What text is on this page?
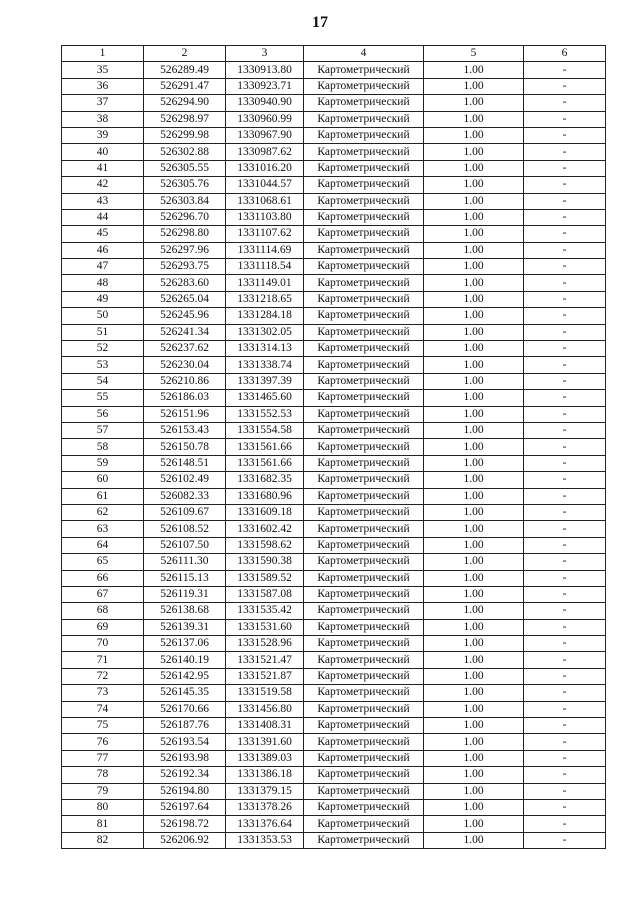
17
1	2	3	4	5	6
35	526289.49	1330913.80	Картометрический	1.00	-
36	526291.47	1330923.71	Картометрический	1.00	-
37	526294.90	1330940.90	Картометрический	1.00	-
38	526298.97	1330960.99	Картометрический	1.00	-
39	526299.98	1330967.90	Картометрический	1.00	-
40	526302.88	1330987.62	Картометрический	1.00	-
41	526305.55	1331016.20	Картометрический	1.00	-
42	526305.76	1331044.57	Картометрический	1.00	-
43	526303.84	1331068.61	Картометрический	1.00	-
44	526296.70	1331103.80	Картометрический	1.00	-
45	526298.80	1331107.62	Картометрический	1.00	-
46	526297.96	1331114.69	Картометрический	1.00	-
47	526293.75	1331118.54	Картометрический	1.00	-
48	526283.60	1331149.01	Картометрический	1.00	-
49	526265.04	1331218.65	Картометрический	1.00	-
50	526245.96	1331284.18	Картометрический	1.00	-
51	526241.34	1331302.05	Картометрический	1.00	-
52	526237.62	1331314.13	Картометрический	1.00	-
53	526230.04	1331338.74	Картометрический	1.00	-
54	526210.86	1331397.39	Картометрический	1.00	-
55	526186.03	1331465.60	Картометрический	1.00	-
56	526151.96	1331552.53	Картометрический	1.00	-
57	526153.43	1331554.58	Картометрический	1.00	-
58	526150.78	1331561.66	Картометрический	1.00	-
59	526148.51	1331561.66	Картометрический	1.00	-
60	526102.49	1331682.35	Картометрический	1.00	-
61	526082.33	1331680.96	Картометрический	1.00	-
62	526109.67	1331609.18	Картометрический	1.00	-
63	526108.52	1331602.42	Картометрический	1.00	-
64	526107.50	1331598.62	Картометрический	1.00	-
65	526111.30	1331590.38	Картометрический	1.00	-
66	526115.13	1331589.52	Картометрический	1.00	-
67	526119.31	1331587.08	Картометрический	1.00	-
68	526138.68	1331535.42	Картометрический	1.00	-
69	526139.31	1331531.60	Картометрический	1.00	-
70	526137.06	1331528.96	Картометрический	1.00	-
71	526140.19	1331521.47	Картометрический	1.00	-
72	526142.95	1331521.87	Картометрический	1.00	-
73	526145.35	1331519.58	Картометрический	1.00	-
74	526170.66	1331456.80	Картометрический	1.00	-
75	526187.76	1331408.31	Картометрический	1.00	-
76	526193.54	1331391.60	Картометрический	1.00	-
77	526193.98	1331389.03	Картометрический	1.00	-
78	526192.34	1331386.18	Картометрический	1.00	-
79	526194.80	1331379.15	Картометрический	1.00	-
80	526197.64	1331378.26	Картометрический	1.00	-
81	526198.72	1331376.64	Картометрический	1.00	-
82	526206.92	1331353.53	Картометрический	1.00	-
